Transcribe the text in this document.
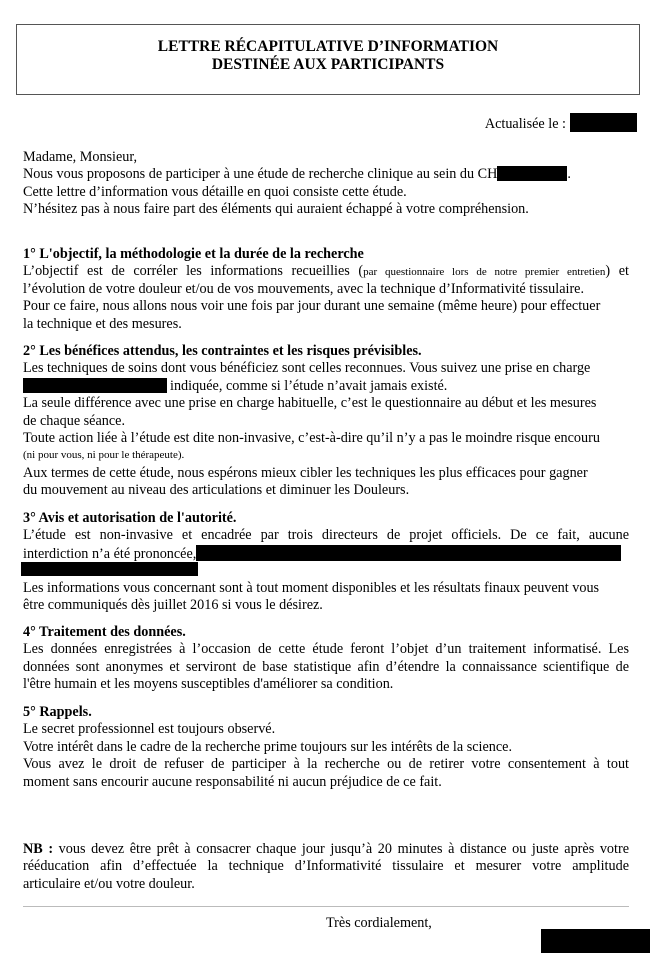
LETTRE RÉCAPITULATIVE D’INFORMATION
DESTINÉE AUX PARTICIPANTS
Actualisée le :
Madame, Monsieur,
Nous vous proposons de participer à une étude de recherche clinique au sein du CH	.
Cette lettre d’information vous détaille en quoi consiste cette étude.
N’hésitez pas à nous faire part des éléments qui auraient échappé à votre compréhension.
1° L'objectif, la méthodologie et la durée de la recherche
L’objectif est de corréler les informations recueillies (par questionnaire lors de notre premier entretien) et
l’évolution de votre douleur et/ou de vos mouvements, avec la technique d’Informativité tissulaire.
Pour ce faire, nous allons nous voir une fois par jour durant une semaine (même heure) pour effectuer
la technique et des mesures.
2° Les bénéfices attendus, les contraintes et les risques prévisibles.
Les techniques de soins dont vous bénéficiez sont celles reconnues. Vous suivez une prise en charge
indiquée, comme si l’étude n’avait jamais existé.
La seule différence avec une prise en charge habituelle, c’est le questionnaire au début et les mesures
de chaque séance.
Toute action liée à l’étude est dite non-invasive, c’est-à-dire qu’il n’y a pas le moindre risque encouru
(ni pour vous, ni pour le thérapeute).
Aux termes de cette étude, nous espérons mieux cibler les techniques les plus efficaces pour gagner
du mouvement au niveau des articulations et diminuer les Douleurs.
3° Avis et autorisation de l'autorité.
L’étude est non-invasive et encadrée par trois directeurs de projet officiels. De ce fait, aucune
interdiction n’a été prononcée,
Les informations vous concernant sont à tout moment disponibles et les résultats finaux peuvent vous
être communiqués dès juillet 2016 si vous le désirez.
4° Traitement des données.
Les données enregistrées à l’occasion de cette étude feront l’objet d’un traitement informatisé. Les
données sont anonymes et serviront de base statistique afin d’étendre la connaissance scientifique de
l'être humain et les moyens susceptibles d'améliorer sa condition.
5° Rappels.
Le secret professionnel est toujours observé.
Votre intérêt dans le cadre de la recherche prime toujours sur les intérêts de la science.
Vous avez le droit de refuser de participer à la recherche ou de retirer votre consentement à tout
moment sans encourir aucune responsabilité ni aucun préjudice de ce fait.
NB : vous devez être prêt à consacrer chaque jour jusqu’à 20 minutes à distance ou juste après votre
rééducation afin d’effectuée la technique d’Informativité tissulaire et mesurer votre amplitude
articulaire et/ou votre douleur.
Très cordialement,
